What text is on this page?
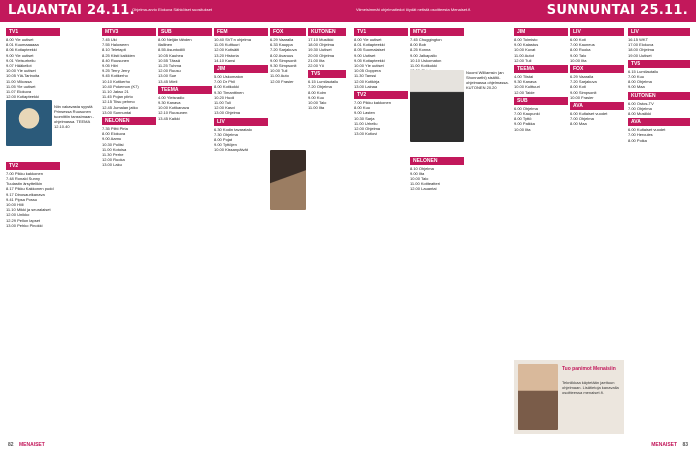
LAUANTAI 24.11.
Ohjelma-arvio Elokuva Sähköiset suositukset
TV1
8.00 Yle uutiset
8.01 Kuumaaaaaa
8.06 Kotiapteekki
9.00 Yle uutiset
9.01 Yleisurheilu
9.07 Hääkellot
10.00 Yle uutiset
10.05 Ylä-Tarinoita
11.00 Viikossa
11.05 Yle uutiset
11.07 Elokuva
12.00 Kotiapteekki
TV2
7.00 Pikku kakkonen
7.48 Ronald Sunny
Tuulastin ärsyttelikin
8.17 Pikku Kakkonen pudd
9.17 Dinosaurikanava
9.41 Pipsa Possu
10.00 Hiili
11.10 Mikki ja seuralaiset
12.00 Unikko
12.29 Pellon lapset
13.00 Pehko Pinokki
Niin vakavasta syystä Prinsessa Ruusunen tuomittiin tanssimaan -ohjelmassa. TEEMA 12.10.40
MTV3
7.45 Uki
7.55 Haloween
8.10 Teletapit
8.25 Kiisti kaikkien
8.40 Ruusunen
9.05 Hiiri
9.25 Terry Jerry
9.45 Kotikerho
10.10 Kotikerho
10.40 Pokemon (K7)
11.10 Jakso 21
11.45 Pojan piirto
12.15 Tiisu pehmo
12.45 Jumalan jatko
13.00 Sunnuntai
NELONEN
7.35 Piltti Pirta
8.00 Elokuva
9.00 Aamu
10.30 Poliisi
11.00 Kotoisa
11.30 Perhe
12.00 Ruoka
13.00 Laku
SUB
8.00 Neljän tähden
illallinen
8.55 Asuntodiili
10.05 Kauhea
10.55 Tässä
11.25 Tuhma
12.00 Ruusu
13.00 Sue
13.45 Mieli
TEEMA
4.00 Yleisradio
9.30 Kanava
10.00 Kotikanava
12.10 Ruusunen
13.45 Kaikki
FEM
10.40 SVT:n ohjelma
11.05 Kulttuuri
12.00 Kotisäiti
13.20 Historia
14.10 Kansi
JIM
5.00 Uskomaton
7.00 Dr Phil
8.00 Kotikokki
9.30 Timanttinen
10.20 Huoli
11.00 Tuli
12.00 Kasvi
13.00 Ohjelma
LIV
6.30 Kodin tavaratalo
7.30 Ohjelma
8.00 Pojat
9.00 Tyttöjen
10.00 Kissanpäivät
FOX
6.29 Vaaralla
6.33 Kauppa
7.20 Sarjakuva
8.02 Avaruus
9.00 Simpsonit
9.30 Simpsonit
10.00 Tuli
11.00 Auto
12.00 Frasier
KUTONEN
17.10 Musiikki
18.00 Ohjelma
19.30 Uutiset
20.00 Ohjelma
21.00 Ilta
22.00 Yö
TV5
6.15 Lumilautailu
7.20 Ohjelma
8.00 Kolm
9.00 Kuu
10.00 Talo
11.00 Ilta
82 MENAISET
Viimeisimmät ohjelmatiedot löydät netistä osoitteesta Menaiset.fi.	SUNNUNTAI 25.11.
TV1
8.00 Yle uutiset
8.01 Kotiapteekki
8.05 Suomalaiset
9.00 Uutiset
9.05 Kotiapteekki
10.00 Yle uutiset
10.05 Ooppera
11.30 Tanssi
12.00 Kotikirja
13.00 Lainaa
TV2
7.00 Pikku kakkonen
8.00 Kuu
9.00 Lasten
10.30 Sarja
11.00 Urheilu
12.00 Ohjelma
13.00 Kotiovi
MTV3
7.45 Chuggington
8.00 Bob
8.25 Konna
9.00 Jalkapallo
10.10 Uskomaton
11.00 Kotikokki
NELONEN
8.10 Ohjelma
9.00 Ilta
10.00 Talo
11.00 Kotiteatteri
12.00 Lauantai
Noomi Williamsin (an Shonnarthi) sisältö-ohjelmassa ohjelmassa. KUTONEN 20.20
JIM
8.00 Toimisto
9.00 Kalastus
10.00 Kuvat
11.00 Autot
12.00 Tuli
TEEMA
4.00 Tiistai
9.30 Kanava
10.00 Kulttuuri
12.00 Taide
SUB
6.00 Ohjelma
7.00 Kaupunki
8.00 Tyttö
9.00 Paikka
10.00 Ilta
LIV
6.00 Koti
7.00 Kauneus
8.00 Ruoka
9.00 Talo
10.00 Ilta
FOX
6.29 Vaaralla
7.20 Sarjakuva
8.00 Koti
9.00 Simpsonit
10.00 Frasier
AVA
6.00 Kultaiset vuodet
7.00 Ohjelma
8.00 Maa
LIV
16.15 WKT
17.00 Elokuva
18.00 Ohjelma
19.00 Uutiset
TV5
6.15 Lumilautailu
7.00 Kuu
8.00 Ohjelma
9.00 Maa
KUTONEN
6.00 Ostos-TV
7.00 Ohjelma
8.00 Musiikki
AVA
6.00 Kultaiset vuodet
7.00 Hercules
8.00 Poika
Tuo panimot Menaisiin
Tekniikkaa käytetään jaettuun ohjelmaan. Lisätietoja kanavalla osoitteessa menaiset.fi.
MENAISET 83
